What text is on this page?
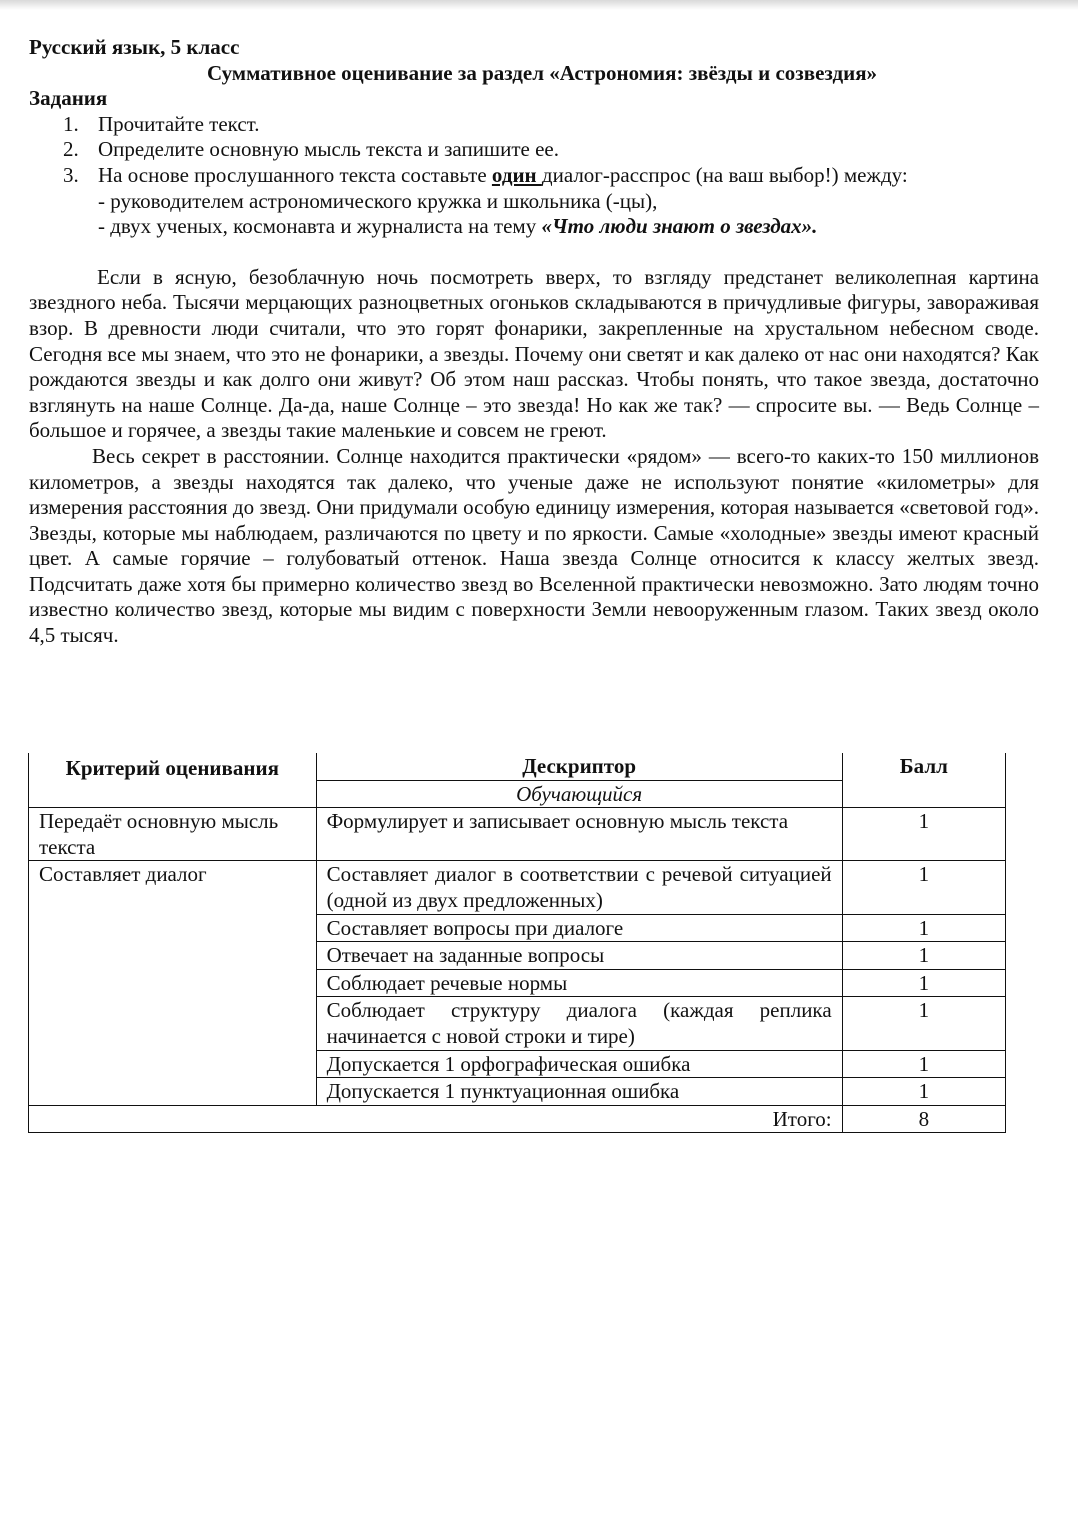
Русский язык, 5 класс
Суммативное оценивание за раздел «Астрономия: звёзды и созвездия»
Задания
1. Прочитайте текст.
2. Определите основную мысль текста и запишите ее.
3. На основе прослушанного текста составьте один диалог-расспрос (на ваш выбор!) между:
- руководителем астрономического кружка и школьника (-цы),
- двух ученых, космонавта и журналиста на тему «Что люди знают о звездах».

Если в ясную, безоблачную ночь посмотреть вверх, то взгляду предстанет великолепная картина звездного неба. Тысячи мерцающих разноцветных огоньков складываются в причудливые фигуры, завораживая взор. В древности люди считали, что это горят фонарики, закрепленные на хрустальном небесном своде. Сегодня все мы знаем, что это не фонарики, а звезды. Почему они светят и как далеко от нас они находятся? Как рождаются звезды и как долго они живут? Об этом наш рассказ. Чтобы понять, что такое звезда, достаточно взглянуть на наше Солнце. Да-да, наше Солнце – это звезда! Но как же так? — спросите вы. — Ведь Солнце – большое и горячее, а звезды такие маленькие и совсем не греют.

Весь секрет в расстоянии. Солнце находится практически «рядом» — всего-то каких-то 150 миллионов километров, а звезды находятся так далеко, что ученые даже не используют понятие «километры» для измерения расстояния до звезд. Они придумали особую единицу измерения, которая называется «световой год». Звезды, которые мы наблюдаем, различаются по цвету и по яркости. Самые «холодные» звезды имеют красный цвет. А самые горячие – голубоватый оттенок. Наша звезда Солнце относится к классу желтых звезд. Подсчитать даже хотя бы примерно количество звезд во Вселенной практически невозможно. Зато людям точно известно количество звезд, которые мы видим с поверхности Земли невооруженным глазом. Таких звезд около 4,5 тысяч.

Критерий оценивания	Дескриптор	Балл
	Обучающийся	
Передаёт основную мысль текста	Формулирует и записывает основную мысль текста	1
Составляет диалог	Составляет диалог в соответствии с речевой ситуацией (одной из двух предложенных)	1
	Составляет вопросы при диалоге	1
	Отвечает на заданные вопросы	1
	Соблюдает речевые нормы	1
	Соблюдает структуру диалога (каждая реплика начинается с новой строки и тире)	1
	Допускается 1 орфографическая ошибка	1
	Допускается 1 пунктуационная ошибка	1
Итого:		8
